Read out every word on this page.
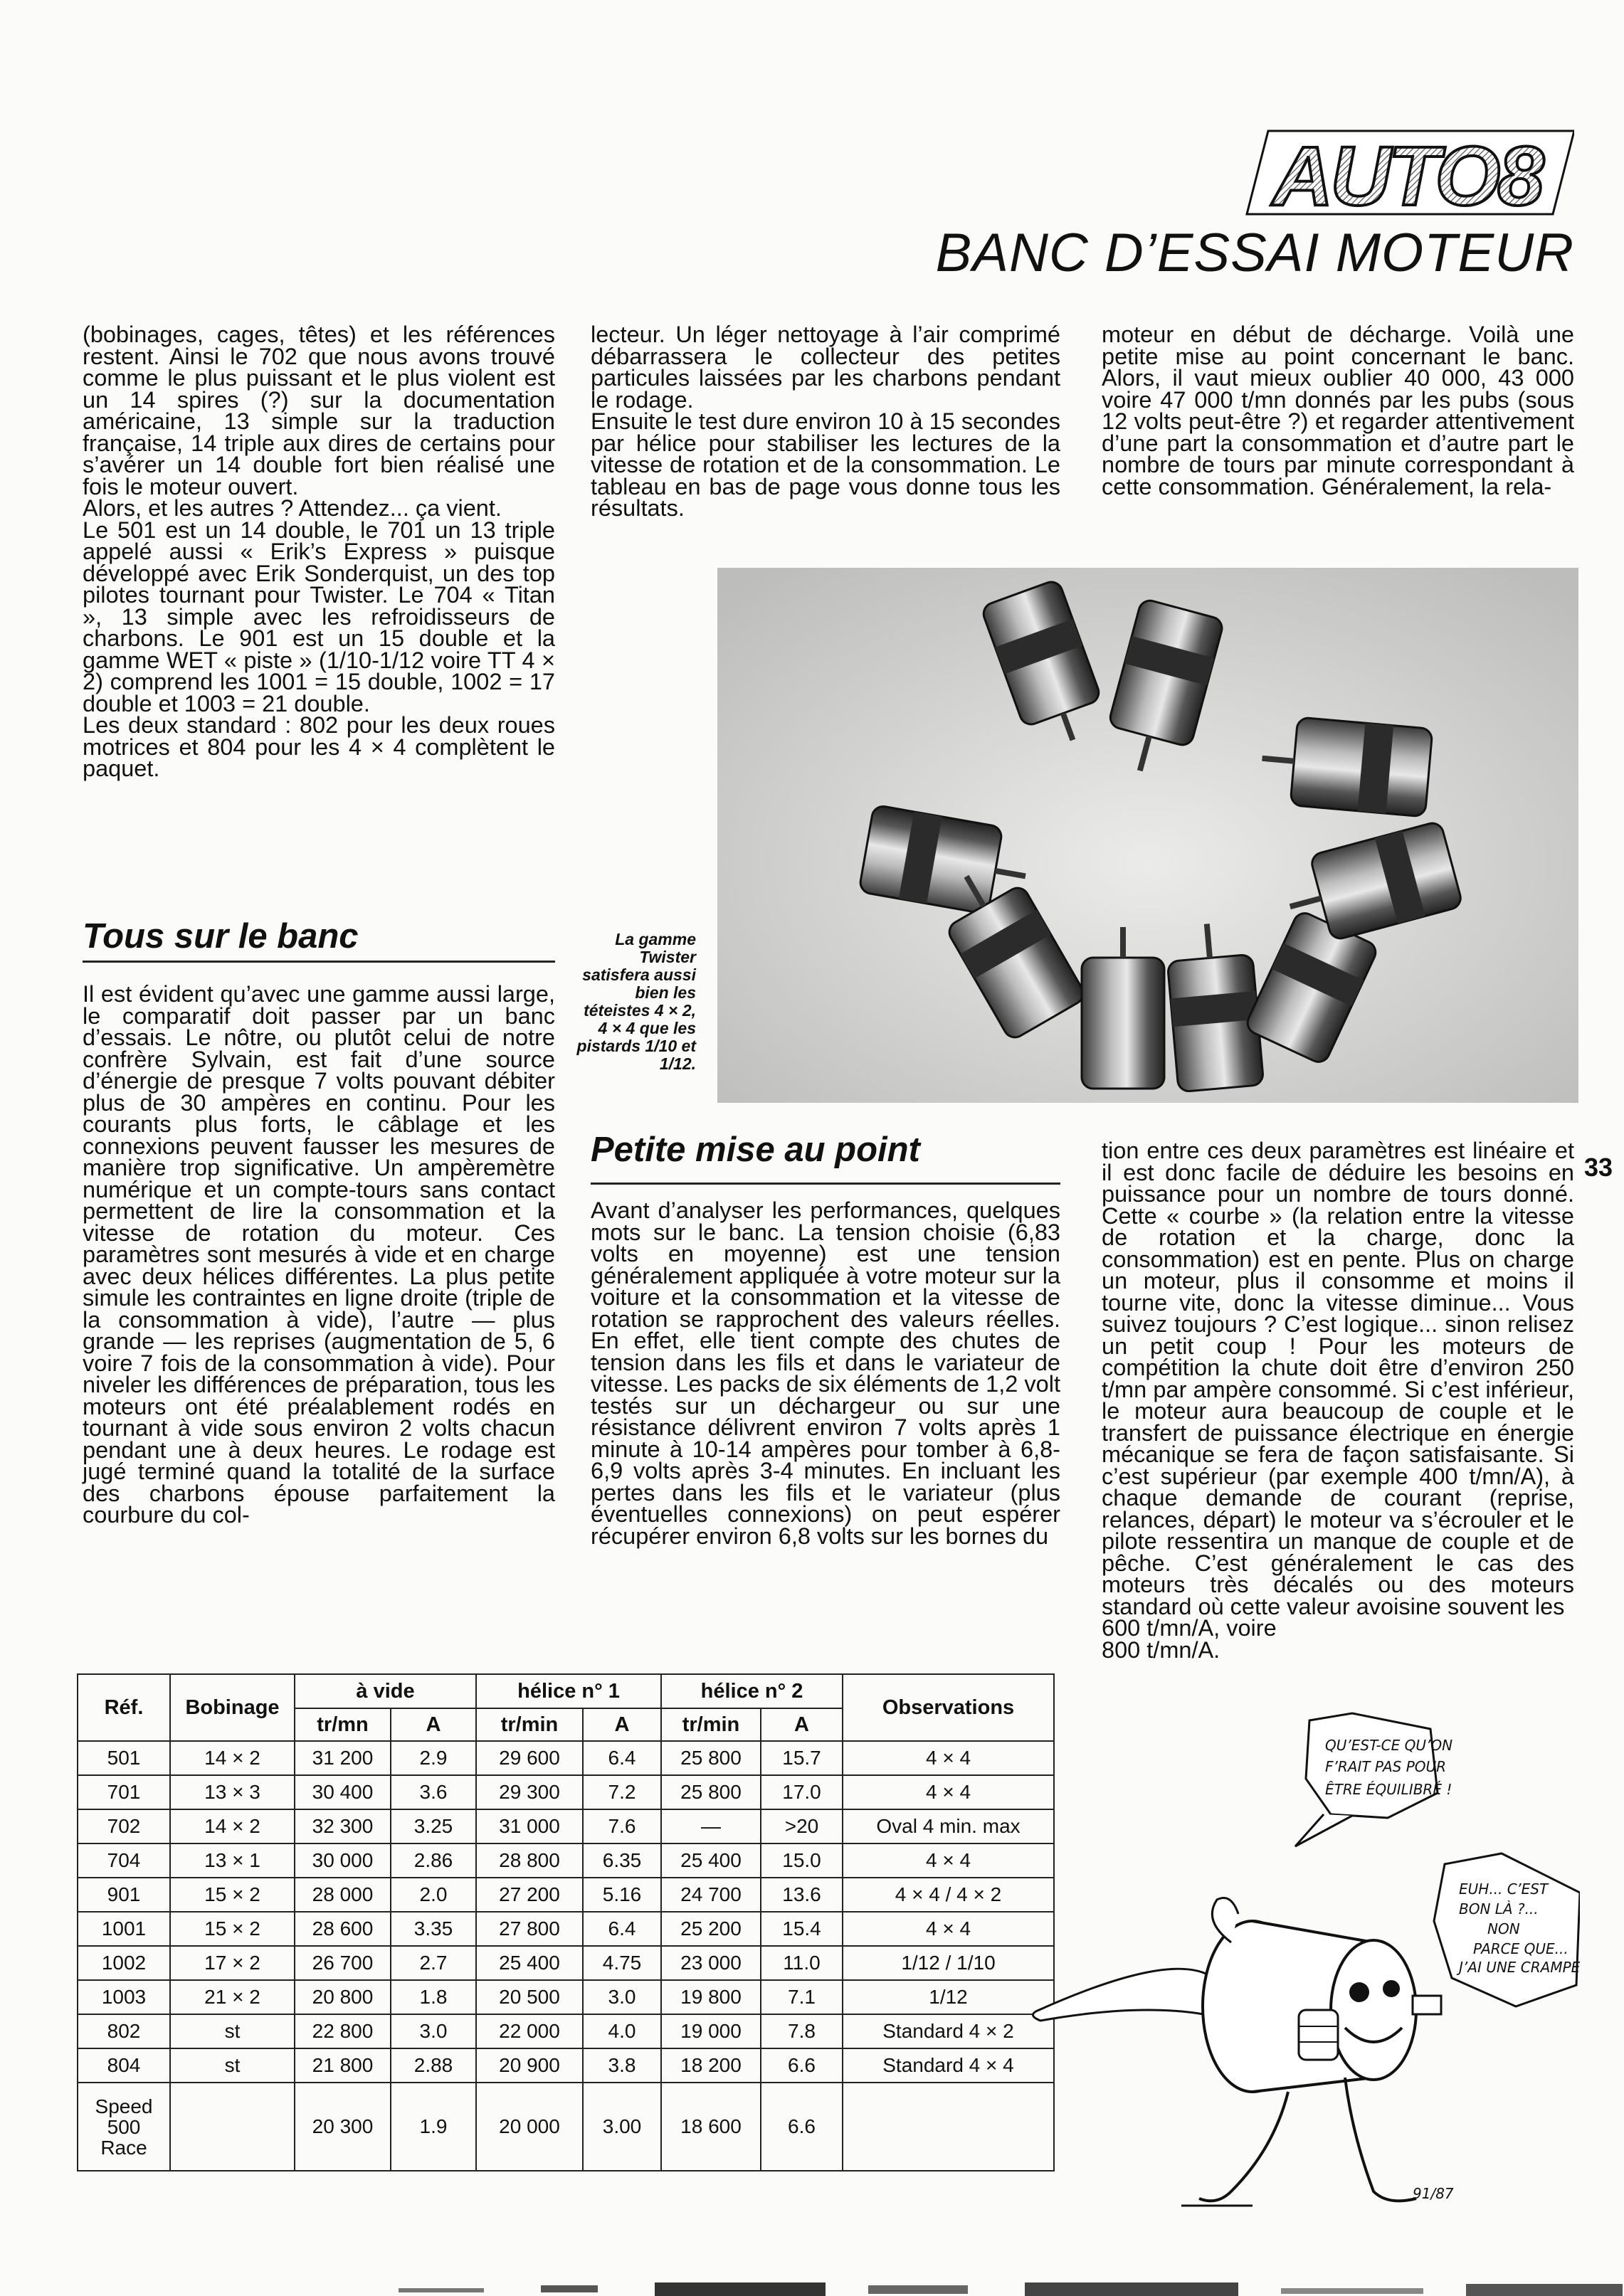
AUTO8
BANC D’ESSAI MOTEUR

(bobinages, cages, têtes) et les références restent. Ainsi le 702 que nous avons trouvé comme le plus puissant et le plus violent est un 14 spires (?) sur la documentation américaine, 13 simple sur la traduction française, 14 triple aux dires de certains pour s’avérer un 14 double fort bien réalisé une fois le moteur ouvert.

Alors, et les autres ? Attendez... ça vient.

Le 501 est un 14 double, le 701 un 13 triple appelé aussi « Erik’s Express » puisque développé avec Erik Sonderquist, un des top pilotes tournant pour Twister. Le 704 « Titan », 13 simple avec les refroidisseurs de charbons. Le 901 est un 15 double et la gamme WET « piste » (1/10-1/12 voire TT 4 × 2) comprend les 1001 = 15 double, 1002 = 17 double et 1003 = 21 double.

Les deux standard : 802 pour les deux roues motrices et 804 pour les 4 × 4 complètent le paquet.

Tous sur le banc

Il est évident qu’avec une gamme aussi large, le comparatif doit passer par un banc d’essais. Le nôtre, ou plutôt celui de notre confrère Sylvain, est fait d’une source d’énergie de presque 7 volts pouvant débiter plus de 30 ampères en continu. Pour les courants plus forts, le câblage et les connexions peuvent fausser les mesures de manière trop significative. Un ampèremètre numérique et un compte-tours sans contact permettent de lire la consommation et la vitesse de rotation du moteur. Ces paramètres sont mesurés à vide et en charge avec deux hélices différentes. La plus petite simule les contraintes en ligne droite (triple de la consommation à vide), l’autre — plus grande — les reprises (augmentation de 5, 6 voire 7 fois de la consommation à vide). Pour niveler les différences de préparation, tous les moteurs ont été préalablement rodés en tournant à vide sous environ 2 volts chacun pendant une à deux heures. Le rodage est jugé terminé quand la totalité de la surface des charbons épouse parfaitement la courbure du col-

lecteur. Un léger nettoyage à l’air comprimé débarrassera le collecteur des petites particules laissées par les charbons pendant le rodage.

Ensuite le test dure environ 10 à 15 secondes par hélice pour stabiliser les lectures de la vitesse de rotation et de la consommation. Le tableau en bas de page vous donne tous les résultats.

La gamme Twister satisfera aussi bien les téteistes 4 × 2, 4 × 4 que les pistards 1/10 et 1/12.
Petite mise au point

Avant d’analyser les performances, quelques mots sur le banc. La tension choisie (6,83 volts en moyenne) est une tension généralement appliquée à votre moteur sur la voiture et la consommation et la vitesse de rotation se rapprochent des valeurs réelles. En effet, elle tient compte des chutes de tension dans les fils et dans le variateur de vitesse. Les packs de six éléments de 1,2 volt testés sur un déchargeur ou sur une résistance délivrent environ 7 volts après 1 minute à 10-14 ampères pour tomber à 6,8-6,9 volts après 3-4 minutes. En incluant les pertes dans les fils et le variateur (plus éventuelles connexions) on peut espérer récupérer environ 6,8 volts sur les bornes du

moteur en début de décharge. Voilà une petite mise au point concernant le banc. Alors, il vaut mieux oublier 40 000, 43 000 voire 47 000 t/mn donnés par les pubs (sous 12 volts peut-être ?) et regarder attentivement d’une part la consommation et d’autre part le nombre de tours par minute correspondant à cette consommation. Généralement, la rela-

tion entre ces deux paramètres est linéaire et il est donc facile de déduire les besoins en puissance pour un nombre de tours donné. Cette « courbe » (la relation entre la vitesse de rotation et la charge, donc la consommation) est en pente. Plus on charge un moteur, plus il consomme et moins il tourne vite, donc la vitesse diminue... Vous suivez toujours ? C’est logique... sinon relisez un petit coup ! Pour les moteurs de compétition la chute doit être d’environ 250 t/mn par ampère consommé. Si c’est inférieur, le moteur aura beaucoup de couple et le transfert de puissance électrique en énergie mécanique se fera de façon satisfaisante. Si c’est supérieur (par exemple 400 t/mn/A), à chaque demande de courant (reprise, relances, départ) le moteur va s’écrouler et le pilote ressentira un manque de couple et de pêche. C’est généralement le cas des moteurs très décalés ou des moteurs standard où cette valeur avoisine souvent les

600 t/mn/A, voire

800 t/mn/A.

33
Réf.	Bobinage	à vide		hélice n° 1		hélice n° 2		Observations
		tr/mn	A	tr/min	A	tr/min	A	
501	14 × 2	31 200	2.9	29 600	6.4	25 800	15.7	4 × 4
701	13 × 3	30 400	3.6	29 300	7.2	25 800	17.0	4 × 4
702	14 × 2	32 300	3.25	31 000	7.6	—	>20	Oval 4 min. max
704	13 × 1	30 000	2.86	28 800	6.35	25 400	15.0	4 × 4
901	15 × 2	28 000	2.0	27 200	5.16	24 700	13.6	4 × 4 / 4 × 2
1001	15 × 2	28 600	3.35	27 800	6.4	25 200	15.4	4 × 4
1002	17 × 2	26 700	2.7	25 400	4.75	23 000	11.0	1/12 / 1/10
1003	21 × 2	20 800	1.8	20 500	3.0	19 800	7.1	1/12
802	st	22 800	3.0	22 000	4.0	19 000	7.8	Standard 4 × 2
804	st	21 800	2.88	20 900	3.8	18 200	6.6	Standard 4 × 4

Speed
500
Race		20 300	1.9	20 000	3.00	18 600	6.6	
QU’EST-CE QU’ON
F’RAIT PAS POUR
ÊTRE ÉQUILIBRÉ !
EUH... C’EST
BON LÀ ?...
NON
PARCE QUE...
J’AI UNE CRAMPE
91/87
